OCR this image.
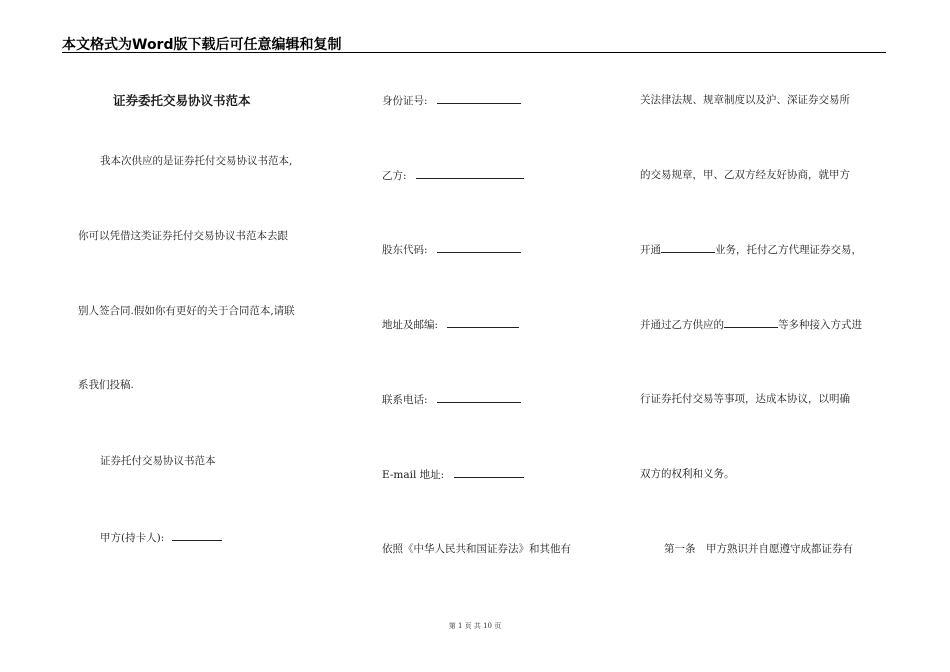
本文格式为Word版下载后可任意编辑和复制
证券委托交易协议书范本
我本次供应的是证券托付交易协议书范本,
你可以凭借这类证券托付交易协议书范本去跟
别人签合同.假如你有更好的关于合同范本,请联
系我们投稿.
证券托付交易协议书范本
甲方(持卡人):
身份证号:
乙方:
股东代码:
地址及邮编:
联系电话:
E-mail 地址:
依照《中华人民共和国证券法》和其他有
关法律法规、规章制度以及沪、深证券交易所
的交易规章，甲、乙双方经友好协商，就甲方
开通	业务，托付乙方代理证券交易，
并通过乙方供应的	等多种接入方式进
行证券托付交易等事项，达成本协议，以明确
双方的权利和义务。
第一条　甲方熟识并自愿遵守成都证券有
第 1 页 共 10 页
